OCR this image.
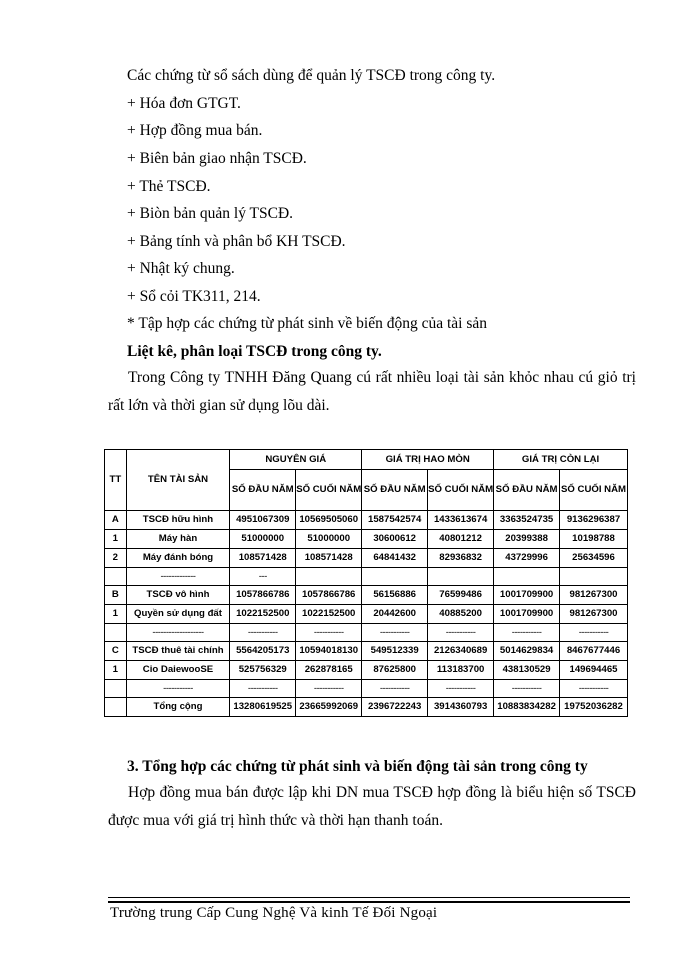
Các chứng từ sổ sách dùng để quản lý TSCĐ trong công ty.
+ Hóa đơn GTGT.
+ Hợp đồng mua bán.
+ Biên bản giao nhận TSCĐ.
+ Thẻ TSCĐ.
+ Biòn bản quản lý TSCĐ.
+ Bảng tính và phân bổ KH TSCĐ.
+ Nhật ký chung.
+ Sổ cỏi TK311, 214.
* Tập hợp các chứng từ phát sinh về biến động của tài sản
Liệt kê, phân loại TSCĐ trong công ty.
Trong Công ty TNHH Đăng Quang cú rất nhiều loại tài sản khỏc nhau cú giỏ trị rất lớn và thời gian sử dụng lõu dài.
TT	TÊN TÀI SẢN	NGUYÊN GIÁ		GIÁ TRỊ HAO MÒN		GIÁ TRỊ CÒN LẠI	
		SỐ ĐẦU NĂM	SỐ CUỐI NĂM	SỐ ĐẦU NĂM	SỐ CUỐI NĂM	SỐ ĐẦU NĂM	SỐ CUỐI NĂM
A	TSCĐ hữu hình	4951067309	10569505060	1587542574	1433613674	3363524735	9136296387
1	Máy hàn	51000000	51000000	30600612	40801212	20399388	10198788
2	Máy đánh bóng	108571428	108571428	64841432	82936832	43729996	25634596
	-------------	---					
B	TSCĐ vô hình	1057866786	1057866786	56156886	76599486	1001709900	981267300
1	Quyền sử dụng đất	1022152500	1022152500	20442600	40885200	1001709900	981267300
	-------------------	-----------	-----------	-----------	-----------	-----------	-----------
C	TSCĐ thuê tài chính	5564205173	10594018130	549512339	2126340689	5014629834	8467677446
1	Cio DaiewooSE	525756329	262878165	87625800	113183700	438130529	149694465
	-----------	-----------	-----------	-----------	-----------	-----------	-----------
	Tổng cộng	13280619525	23665992069	2396722243	3914360793	10883834282	19752036282
3. Tổng hợp các chứng từ phát sinh và biến động tài sản trong công ty
Hợp đồng mua bán được lập khi DN mua TSCĐ hợp đồng là biểu hiện số TSCĐ được mua với giá trị hình thức và thời hạn thanh toán.
Trường trung Cấp Cung Nghệ Và kinh Tế Đối Ngoại
